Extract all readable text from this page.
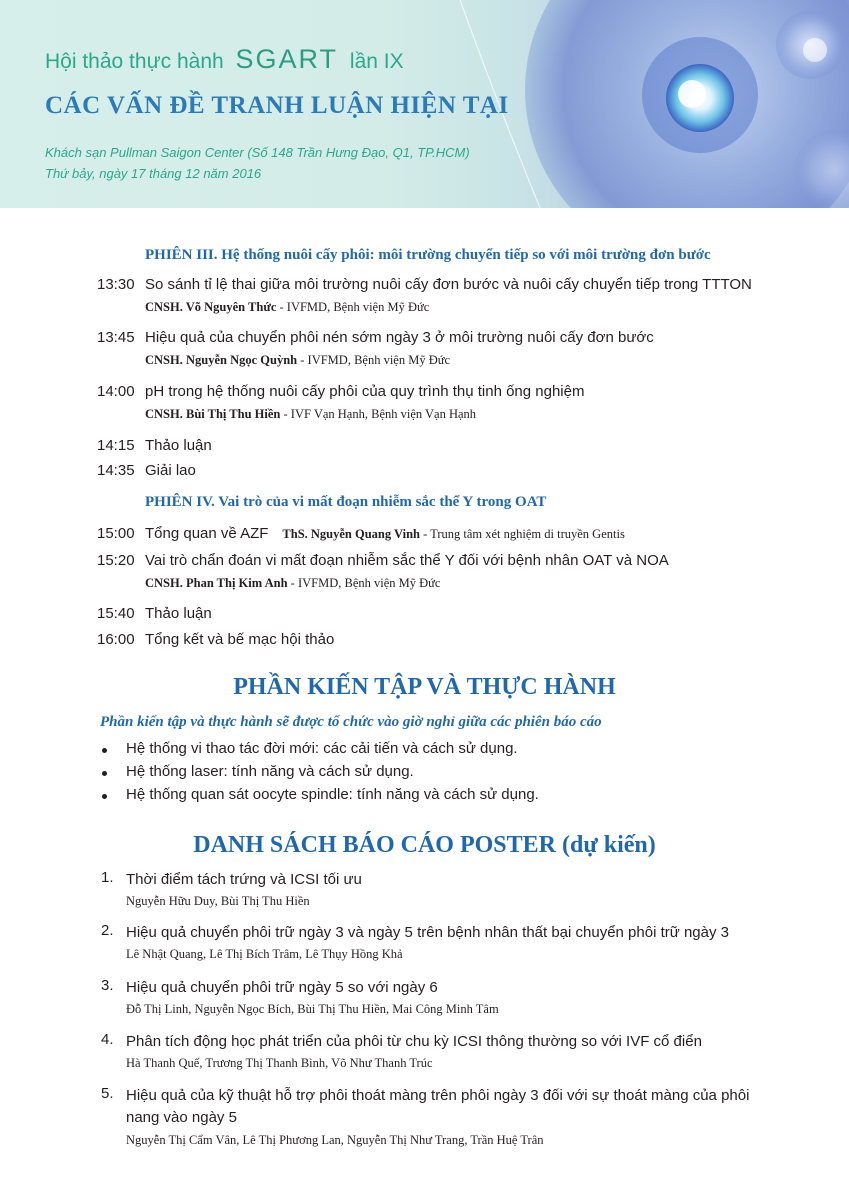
Hội thảo thực hành SGART lần IX
CÁC VẤN ĐỀ TRANH LUẬN HIỆN TẠI
Khách sạn Pullman Saigon Center (Số 148 Trần Hưng Đạo, Q1, TP.HCM)
Thứ bảy, ngày 17 tháng 12 năm 2016
PHIÊN III. Hệ thống nuôi cấy phôi: môi trường chuyển tiếp so với môi trường đơn bước
13:30 So sánh tỉ lệ thai giữa môi trường nuôi cấy đơn bước và nuôi cấy chuyển tiếp trong TTTON
CNSH. Võ Nguyên Thức - IVFMD, Bệnh viện Mỹ Đức
13:45 Hiệu quả của chuyển phôi nén sớm ngày 3 ở môi trường nuôi cấy đơn bước
CNSH. Nguyễn Ngọc Quỳnh - IVFMD, Bệnh viện Mỹ Đức
14:00 pH trong hệ thống nuôi cấy phôi của quy trình thụ tinh ống nghiệm
CNSH. Bùi Thị Thu Hiền - IVF Vạn Hạnh, Bệnh viện Vạn Hạnh
14:15 Thảo luận
14:35 Giải lao
PHIÊN IV. Vai trò của vi mất đoạn nhiễm sắc thể Y trong OAT
15:00 Tổng quan về AZF ThS. Nguyễn Quang Vinh - Trung tâm xét nghiệm di truyền Gentis
15:20 Vai trò chẩn đoán vi mất đoạn nhiễm sắc thể Y đối với bệnh nhân OAT và NOA
CNSH. Phan Thị Kim Anh - IVFMD, Bệnh viện Mỹ Đức
15:40 Thảo luận
16:00 Tổng kết và bế mạc hội thảo
PHẦN KIẾN TẬP VÀ THỰC HÀNH
Phần kiến tập và thực hành sẽ được tổ chức vào giờ nghỉ giữa các phiên báo cáo
Hệ thống vi thao tác đời mới: các cải tiến và cách sử dụng.
Hệ thống laser: tính năng và cách sử dụng.
Hệ thống quan sát oocyte spindle: tính năng và cách sử dụng.
DANH SÁCH BÁO CÁO POSTER (dự kiến)
1. Thời điểm tách trứng và ICSI tối ưu
Nguyễn Hữu Duy, Bùi Thị Thu Hiền
2. Hiệu quả chuyển phôi trữ ngày 3 và ngày 5 trên bệnh nhân thất bại chuyển phôi trữ ngày 3
Lê Nhật Quang, Lê Thị Bích Trâm, Lê Thụy Hồng Khả
3. Hiệu quả chuyển phôi trữ ngày 5 so với ngày 6
Đỗ Thị Linh, Nguyễn Ngọc Bích, Bùi Thị Thu Hiền, Mai Công Minh Tâm
4. Phân tích động học phát triển của phôi từ chu kỳ ICSI thông thường so với IVF cổ điển
Hà Thanh Quế, Trương Thị Thanh Bình, Võ Như Thanh Trúc
5. Hiệu quả của kỹ thuật hỗ trợ phôi thoát màng trên phôi ngày 3 đối với sự thoát màng của phôi nang vào ngày 5
Nguyễn Thị Cẩm Vân, Lê Thị Phương Lan, Nguyễn Thị Như Trang, Trần Huệ Trân
